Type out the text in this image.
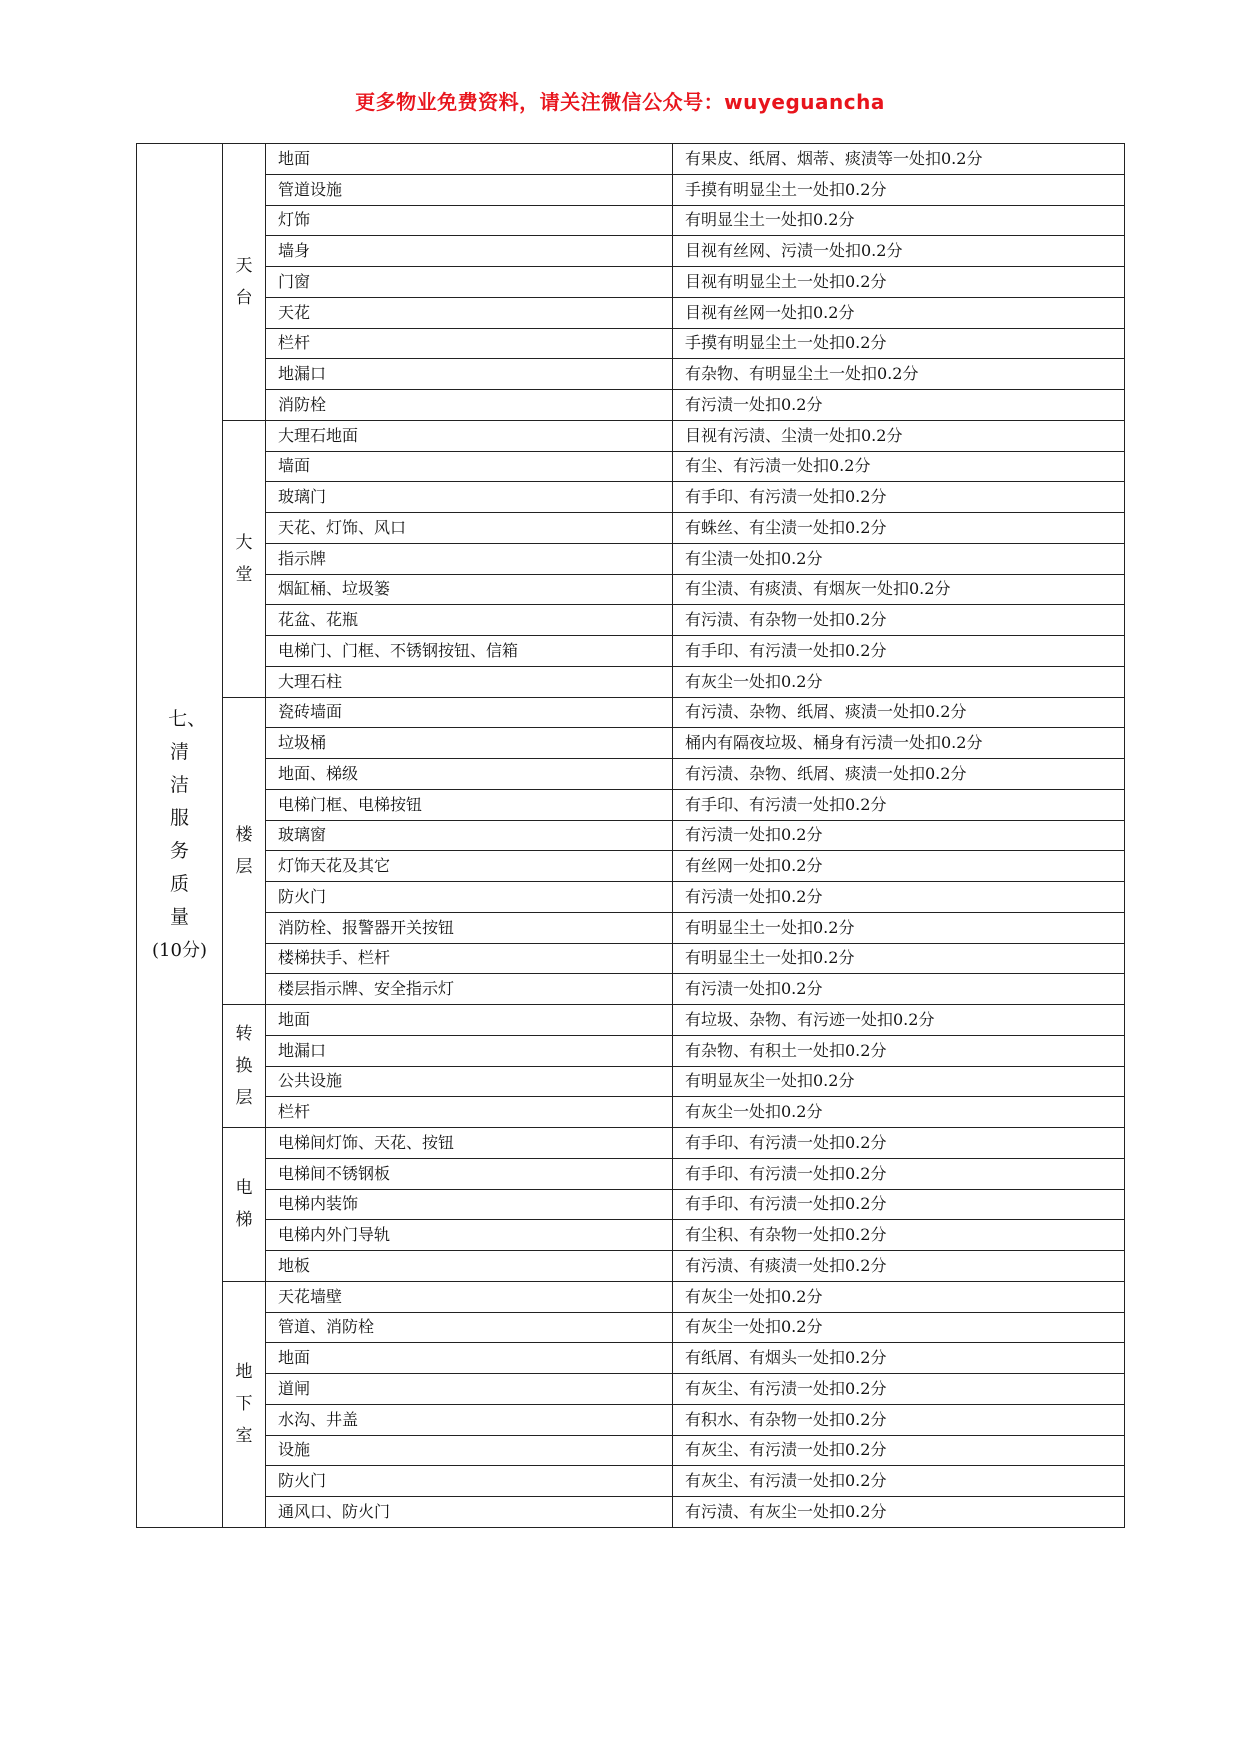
更多物业免费资料，请关注微信公众号：wuyeguancha
七、清洁服务质量
(10分)	天台	地面	有果皮、纸屑、烟蒂、痰渍等一处扣0.2分
		管道设施	手摸有明显尘土一处扣0.2分
		灯饰	有明显尘土一处扣0.2分
		墙身	目视有丝网、污渍一处扣0.2分
		门窗	目视有明显尘土一处扣0.2分
		天花	目视有丝网一处扣0.2分
		栏杆	手摸有明显尘土一处扣0.2分
		地漏口	有杂物、有明显尘土一处扣0.2分
		消防栓	有污渍一处扣0.2分
	大堂	大理石地面	目视有污渍、尘渍一处扣0.2分
		墙面	有尘、有污渍一处扣0.2分
		玻璃门	有手印、有污渍一处扣0.2分
		天花、灯饰、风口	有蛛丝、有尘渍一处扣0.2分
		指示牌	有尘渍一处扣0.2分
		烟缸桶、垃圾篓	有尘渍、有痰渍、有烟灰一处扣0.2分
		花盆、花瓶	有污渍、有杂物一处扣0.2分
		电梯门、门框、不锈钢按钮、信箱	有手印、有污渍一处扣0.2分
		大理石柱	有灰尘一处扣0.2分
	楼层	瓷砖墙面	有污渍、杂物、纸屑、痰渍一处扣0.2分
		垃圾桶	桶内有隔夜垃圾、桶身有污渍一处扣0.2分
		地面、梯级	有污渍、杂物、纸屑、痰渍一处扣0.2分
		电梯门框、电梯按钮	有手印、有污渍一处扣0.2分
		玻璃窗	有污渍一处扣0.2分
		灯饰天花及其它	有丝网一处扣0.2分
		防火门	有污渍一处扣0.2分
		消防栓、报警器开关按钮	有明显尘土一处扣0.2分
		楼梯扶手、栏杆	有明显尘土一处扣0.2分
		楼层指示牌、安全指示灯	有污渍一处扣0.2分
	转换层	地面	有垃圾、杂物、有污迹一处扣0.2分
		地漏口	有杂物、有积土一处扣0.2分
		公共设施	有明显灰尘一处扣0.2分
		栏杆	有灰尘一处扣0.2分
	电梯	电梯间灯饰、天花、按钮	有手印、有污渍一处扣0.2分
		电梯间不锈钢板	有手印、有污渍一处扣0.2分
		电梯内装饰	有手印、有污渍一处扣0.2分
		电梯内外门导轨	有尘积、有杂物一处扣0.2分
		地板	有污渍、有痰渍一处扣0.2分
	地下室	天花墙壁	有灰尘一处扣0.2分
		管道、消防栓	有灰尘一处扣0.2分
		地面	有纸屑、有烟头一处扣0.2分
		道闸	有灰尘、有污渍一处扣0.2分
		水沟、井盖	有积水、有杂物一处扣0.2分
		设施	有灰尘、有污渍一处扣0.2分
		防火门	有灰尘、有污渍一处扣0.2分
		通风口、防火门	有污渍、有灰尘一处扣0.2分
